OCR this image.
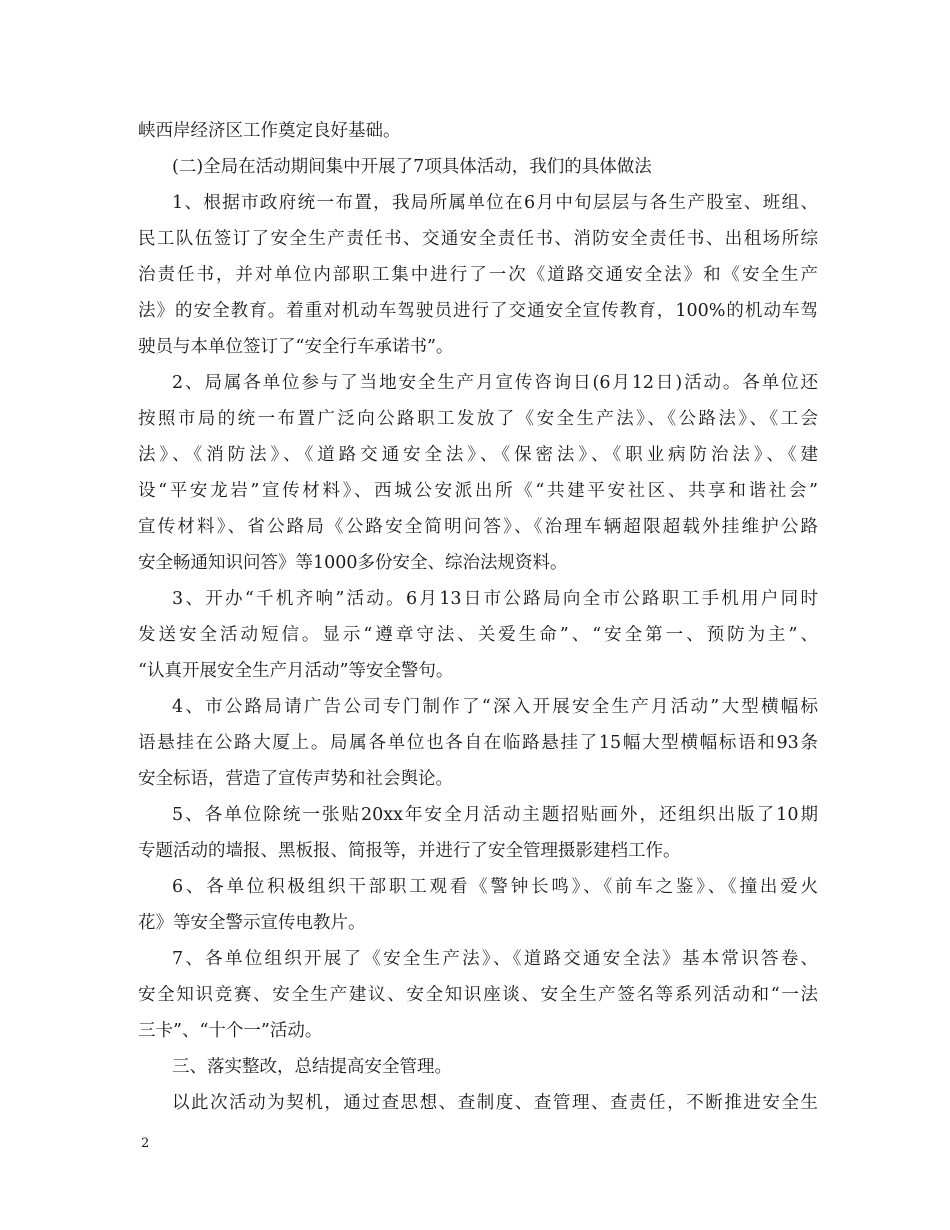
峡西岸经济区工作奠定良好基础。
(二)全局在活动期间集中开展了7项具体活动，我们的具体做法
1、根据市政府统一布置，我局所属单位在6月中旬层层与各生产股室、班组、
民工队伍签订了安全生产责任书、交通安全责任书、消防安全责任书、出租场所综
治责任书，并对单位内部职工集中进行了一次《道路交通安全法》和《安全生产
法》的安全教育。着重对机动车驾驶员进行了交通安全宣传教育，100%的机动车驾
驶员与本单位签订了“安全行车承诺书”。
2、局属各单位参与了当地安全生产月宣传咨询日(6月12日)活动。各单位还
按照市局的统一布置广泛向公路职工发放了《安全生产法》、《公路法》、《工会
法》、《消防法》、《道路交通安全法》、《保密法》、《职业病防治法》、《建
设“平安龙岩”宣传材料》、西城公安派出所《“共建平安社区、共享和谐社会”
宣传材料》、省公路局《公路安全简明问答》、《治理车辆超限超载外挂维护公路
安全畅通知识问答》等1000多份安全、综治法规资料。
3、开办“千机齐响”活动。6月13日市公路局向全市公路职工手机用户同时
发送安全活动短信。显示“遵章守法、关爱生命”、“安全第一、预防为主”、
“认真开展安全生产月活动”等安全警句。
4、市公路局请广告公司专门制作了“深入开展安全生产月活动”大型横幅标
语悬挂在公路大厦上。局属各单位也各自在临路悬挂了15幅大型横幅标语和93条
安全标语，营造了宣传声势和社会舆论。
5、各单位除统一张贴20xx年安全月活动主题招贴画外，还组织出版了10期
专题活动的墙报、黑板报、简报等，并进行了安全管理摄影建档工作。
6、各单位积极组织干部职工观看《警钟长鸣》、《前车之鉴》、《撞出爱火
花》等安全警示宣传电教片。
7、各单位组织开展了《安全生产法》、《道路交通安全法》基本常识答卷、
安全知识竞赛、安全生产建议、安全知识座谈、安全生产签名等系列活动和“一法
三卡”、“十个一”活动。
三、落实整改，总结提高安全管理。
以此次活动为契机，通过查思想、查制度、查管理、查责任，不断推进安全生
2
